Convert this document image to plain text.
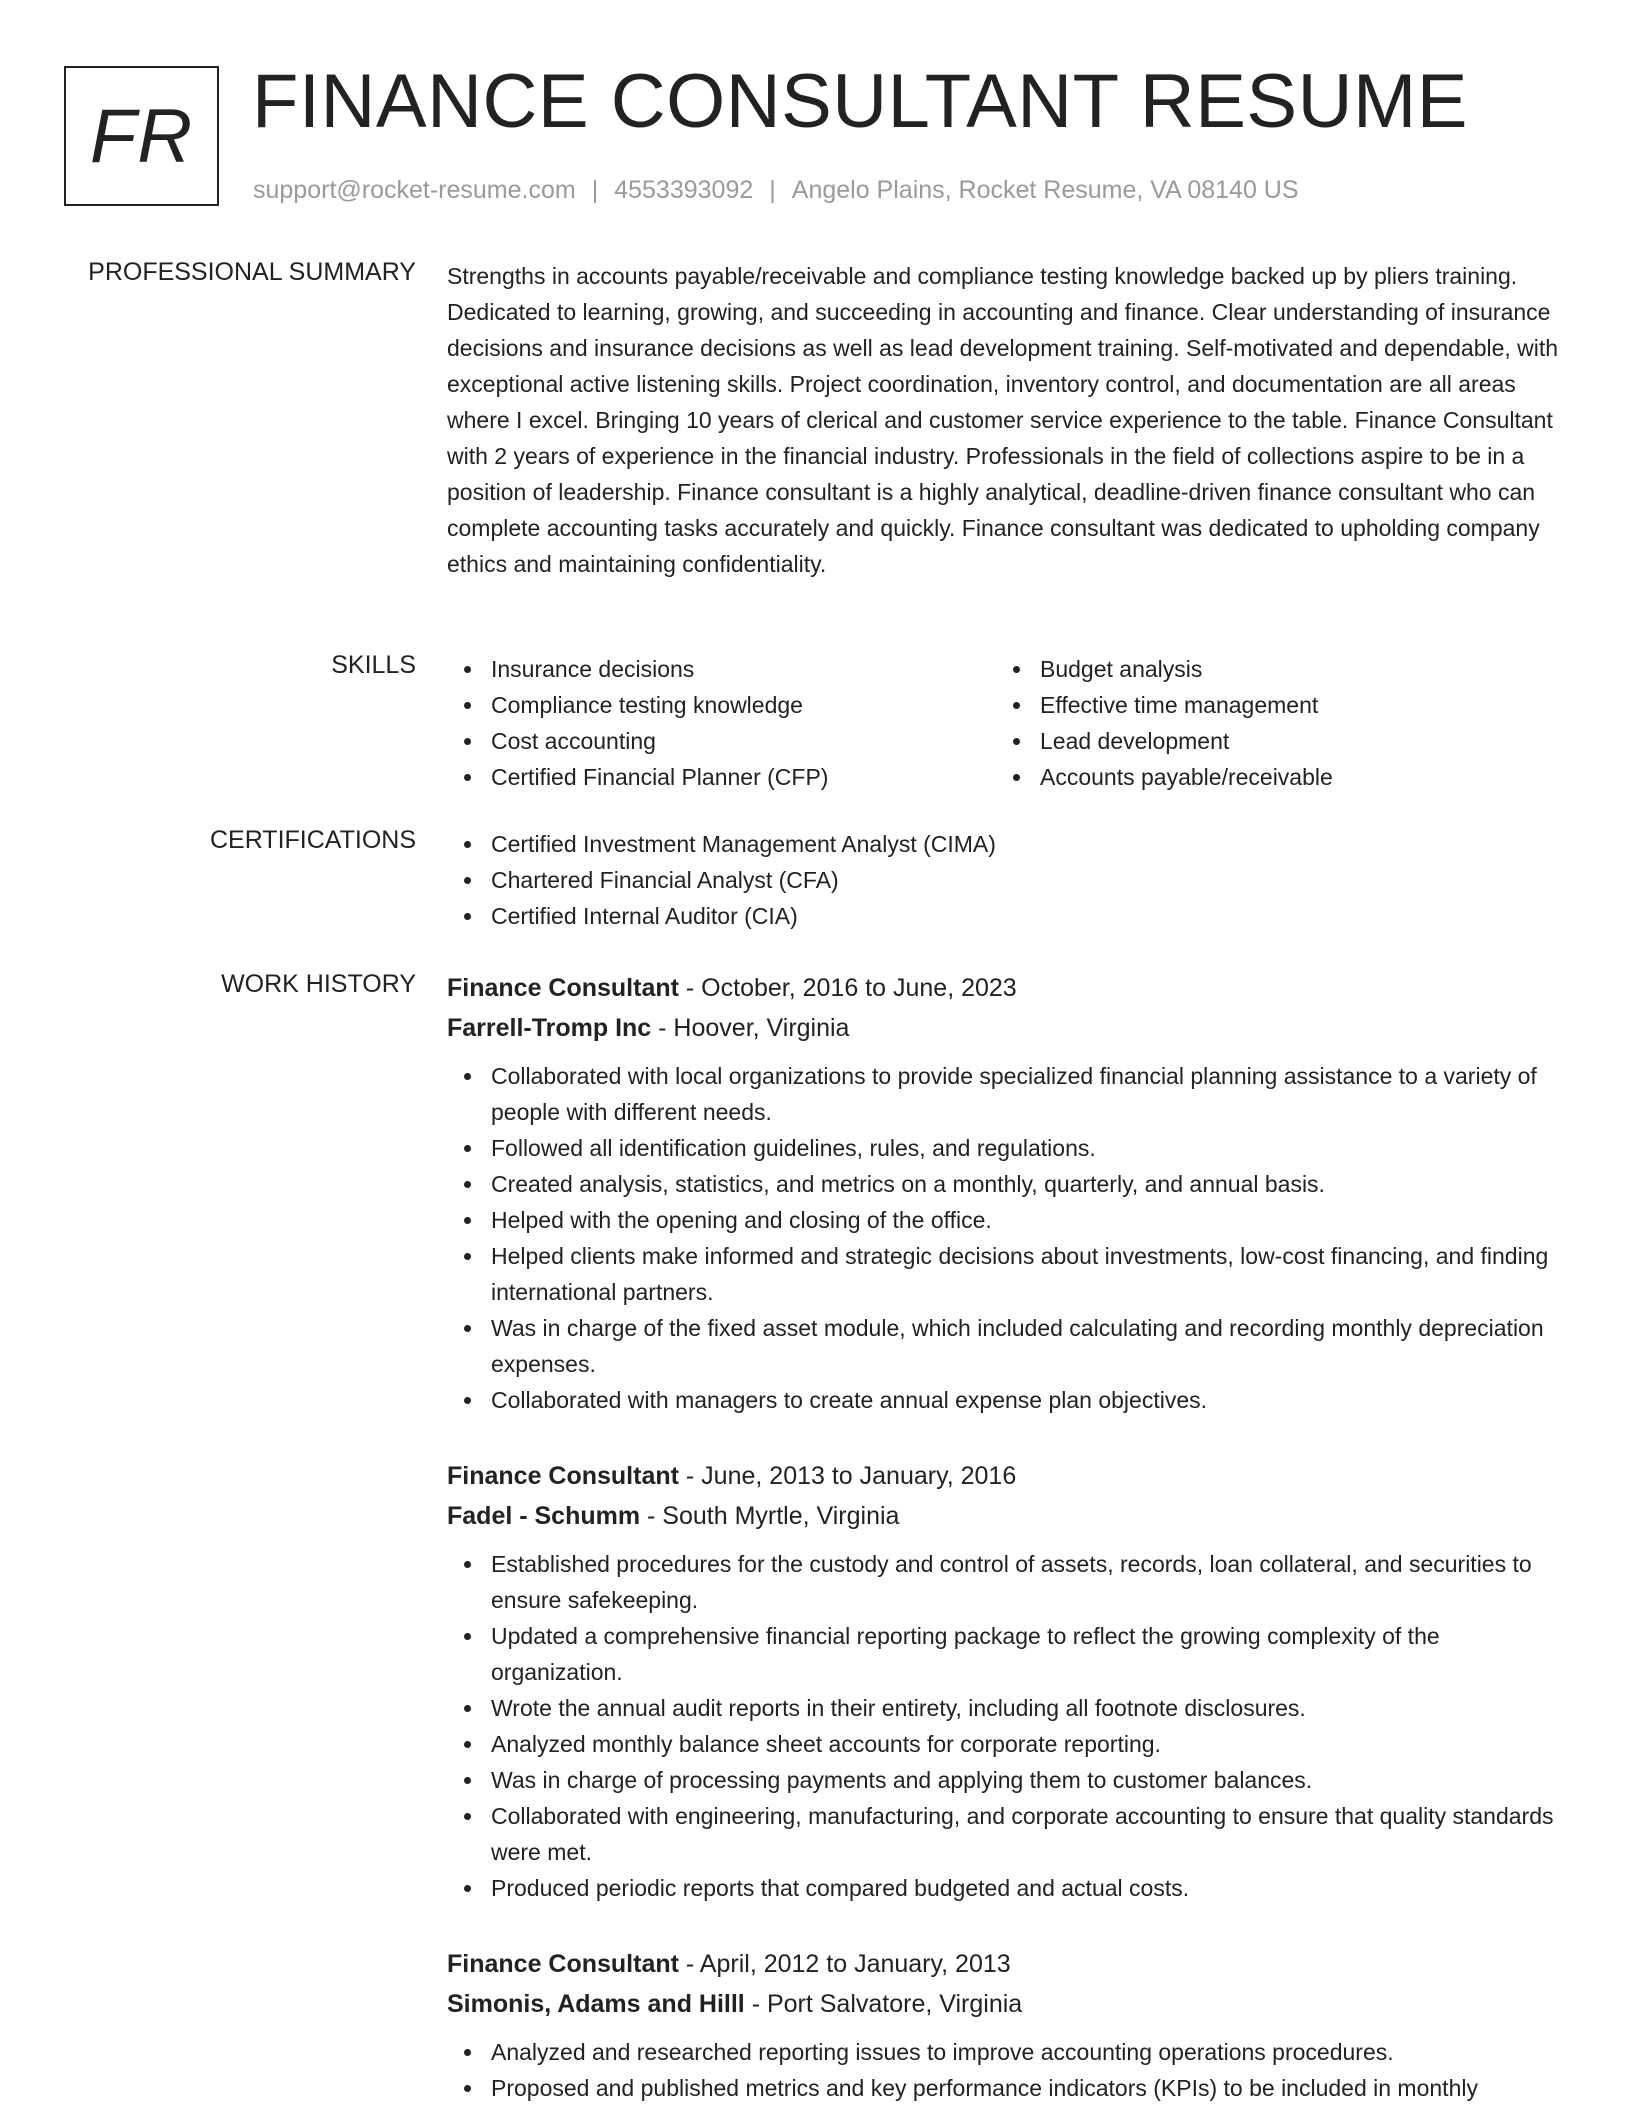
FR FINANCE CONSULTANT RESUME
support@rocket-resume.com | 4553393092 | Angelo Plains, Rocket Resume, VA 08140 US
PROFESSIONAL SUMMARY Strengths in accounts payable/receivable and compliance testing knowledge backed up by pliers training. Dedicated to learning, growing, and succeeding in accounting and finance. Clear understanding of insurance decisions and insurance decisions as well as lead development training. Self-motivated and dependable, with exceptional active listening skills. Project coordination, inventory control, and documentation are all areas where I excel. Bringing 10 years of clerical and customer service experience to the table. Finance Consultant with 2 years of experience in the financial industry. Professionals in the field of collections aspire to be in a position of leadership. Finance consultant is a highly analytical, deadline-driven finance consultant who can complete accounting tasks accurately and quickly. Finance consultant was dedicated to upholding company ethics and maintaining confidentiality.

SKILLS	Insurance decisions
Compliance testing knowledge
Cost accounting
Certified Financial Planner (CFP)
Budget analysis
Effective time management
Lead development
Accounts payable/receivable
CERTIFICATIONS	Certified Investment Management Analyst (CIMA)
Chartered Financial Analyst (CFA)
Certified Internal Auditor (CIA)
WORK HISTORY Finance Consultant - October, 2016 to June, 2023
Farrell-Tromp Inc - Hoover, Virginia
Collaborated with local organizations to provide specialized financial planning assistance to a variety of people with different needs.
Followed all identification guidelines, rules, and regulations.
Created analysis, statistics, and metrics on a monthly, quarterly, and annual basis.
Helped with the opening and closing of the office.
Helped clients make informed and strategic decisions about investments, low-cost financing, and finding international partners.
Was in charge of the fixed asset module, which included calculating and recording monthly depreciation expenses.
Collaborated with managers to create annual expense plan objectives.
Finance Consultant - June, 2013 to January, 2016
Fadel - Schumm - South Myrtle, Virginia
Established procedures for the custody and control of assets, records, loan collateral, and securities to ensure safekeeping.
Updated a comprehensive financial reporting package to reflect the growing complexity of the organization.
Wrote the annual audit reports in their entirety, including all footnote disclosures.
Analyzed monthly balance sheet accounts for corporate reporting.
Was in charge of processing payments and applying them to customer balances.
Collaborated with engineering, manufacturing, and corporate accounting to ensure that quality standards were met.
Produced periodic reports that compared budgeted and actual costs.
Finance Consultant - April, 2012 to January, 2013
Simonis, Adams and Hilll - Port Salvatore, Virginia
Analyzed and researched reporting issues to improve accounting operations procedures.
Proposed and published metrics and key performance indicators (KPIs) to be included in monthly
